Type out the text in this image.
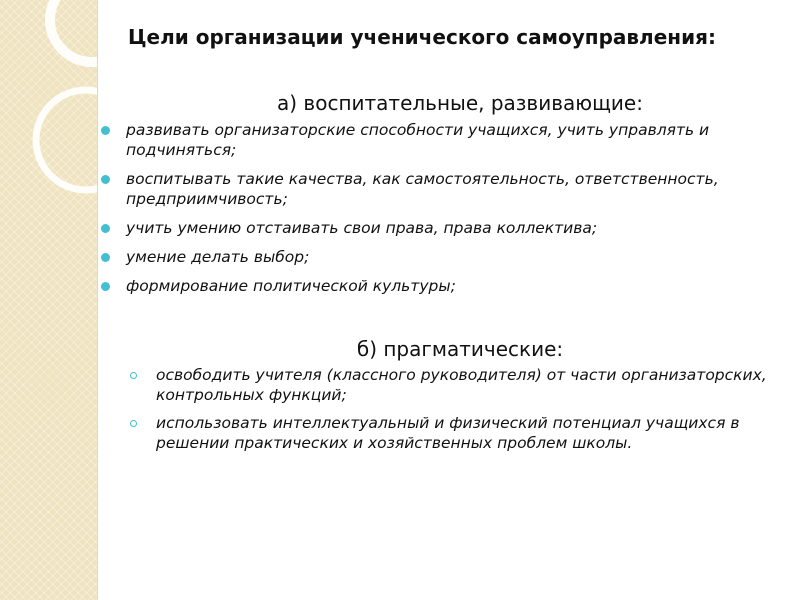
Цели организации ученического самоуправления:
а) воспитательные, развивающие:
развивать организаторские способности учащихся, учить управлять и подчиняться;
воспитывать такие качества, как самостоятельность, ответственность, предприимчивость;
учить умению отстаивать свои права, права коллектива;
умение делать выбор;
формирование политической культуры;
б) прагматические:
освободить учителя (классного руководителя) от части организаторских, контрольных функций;
использовать интеллектуальный и физический потенциал учащихся в решении практических и хозяйственных проблем школы.
